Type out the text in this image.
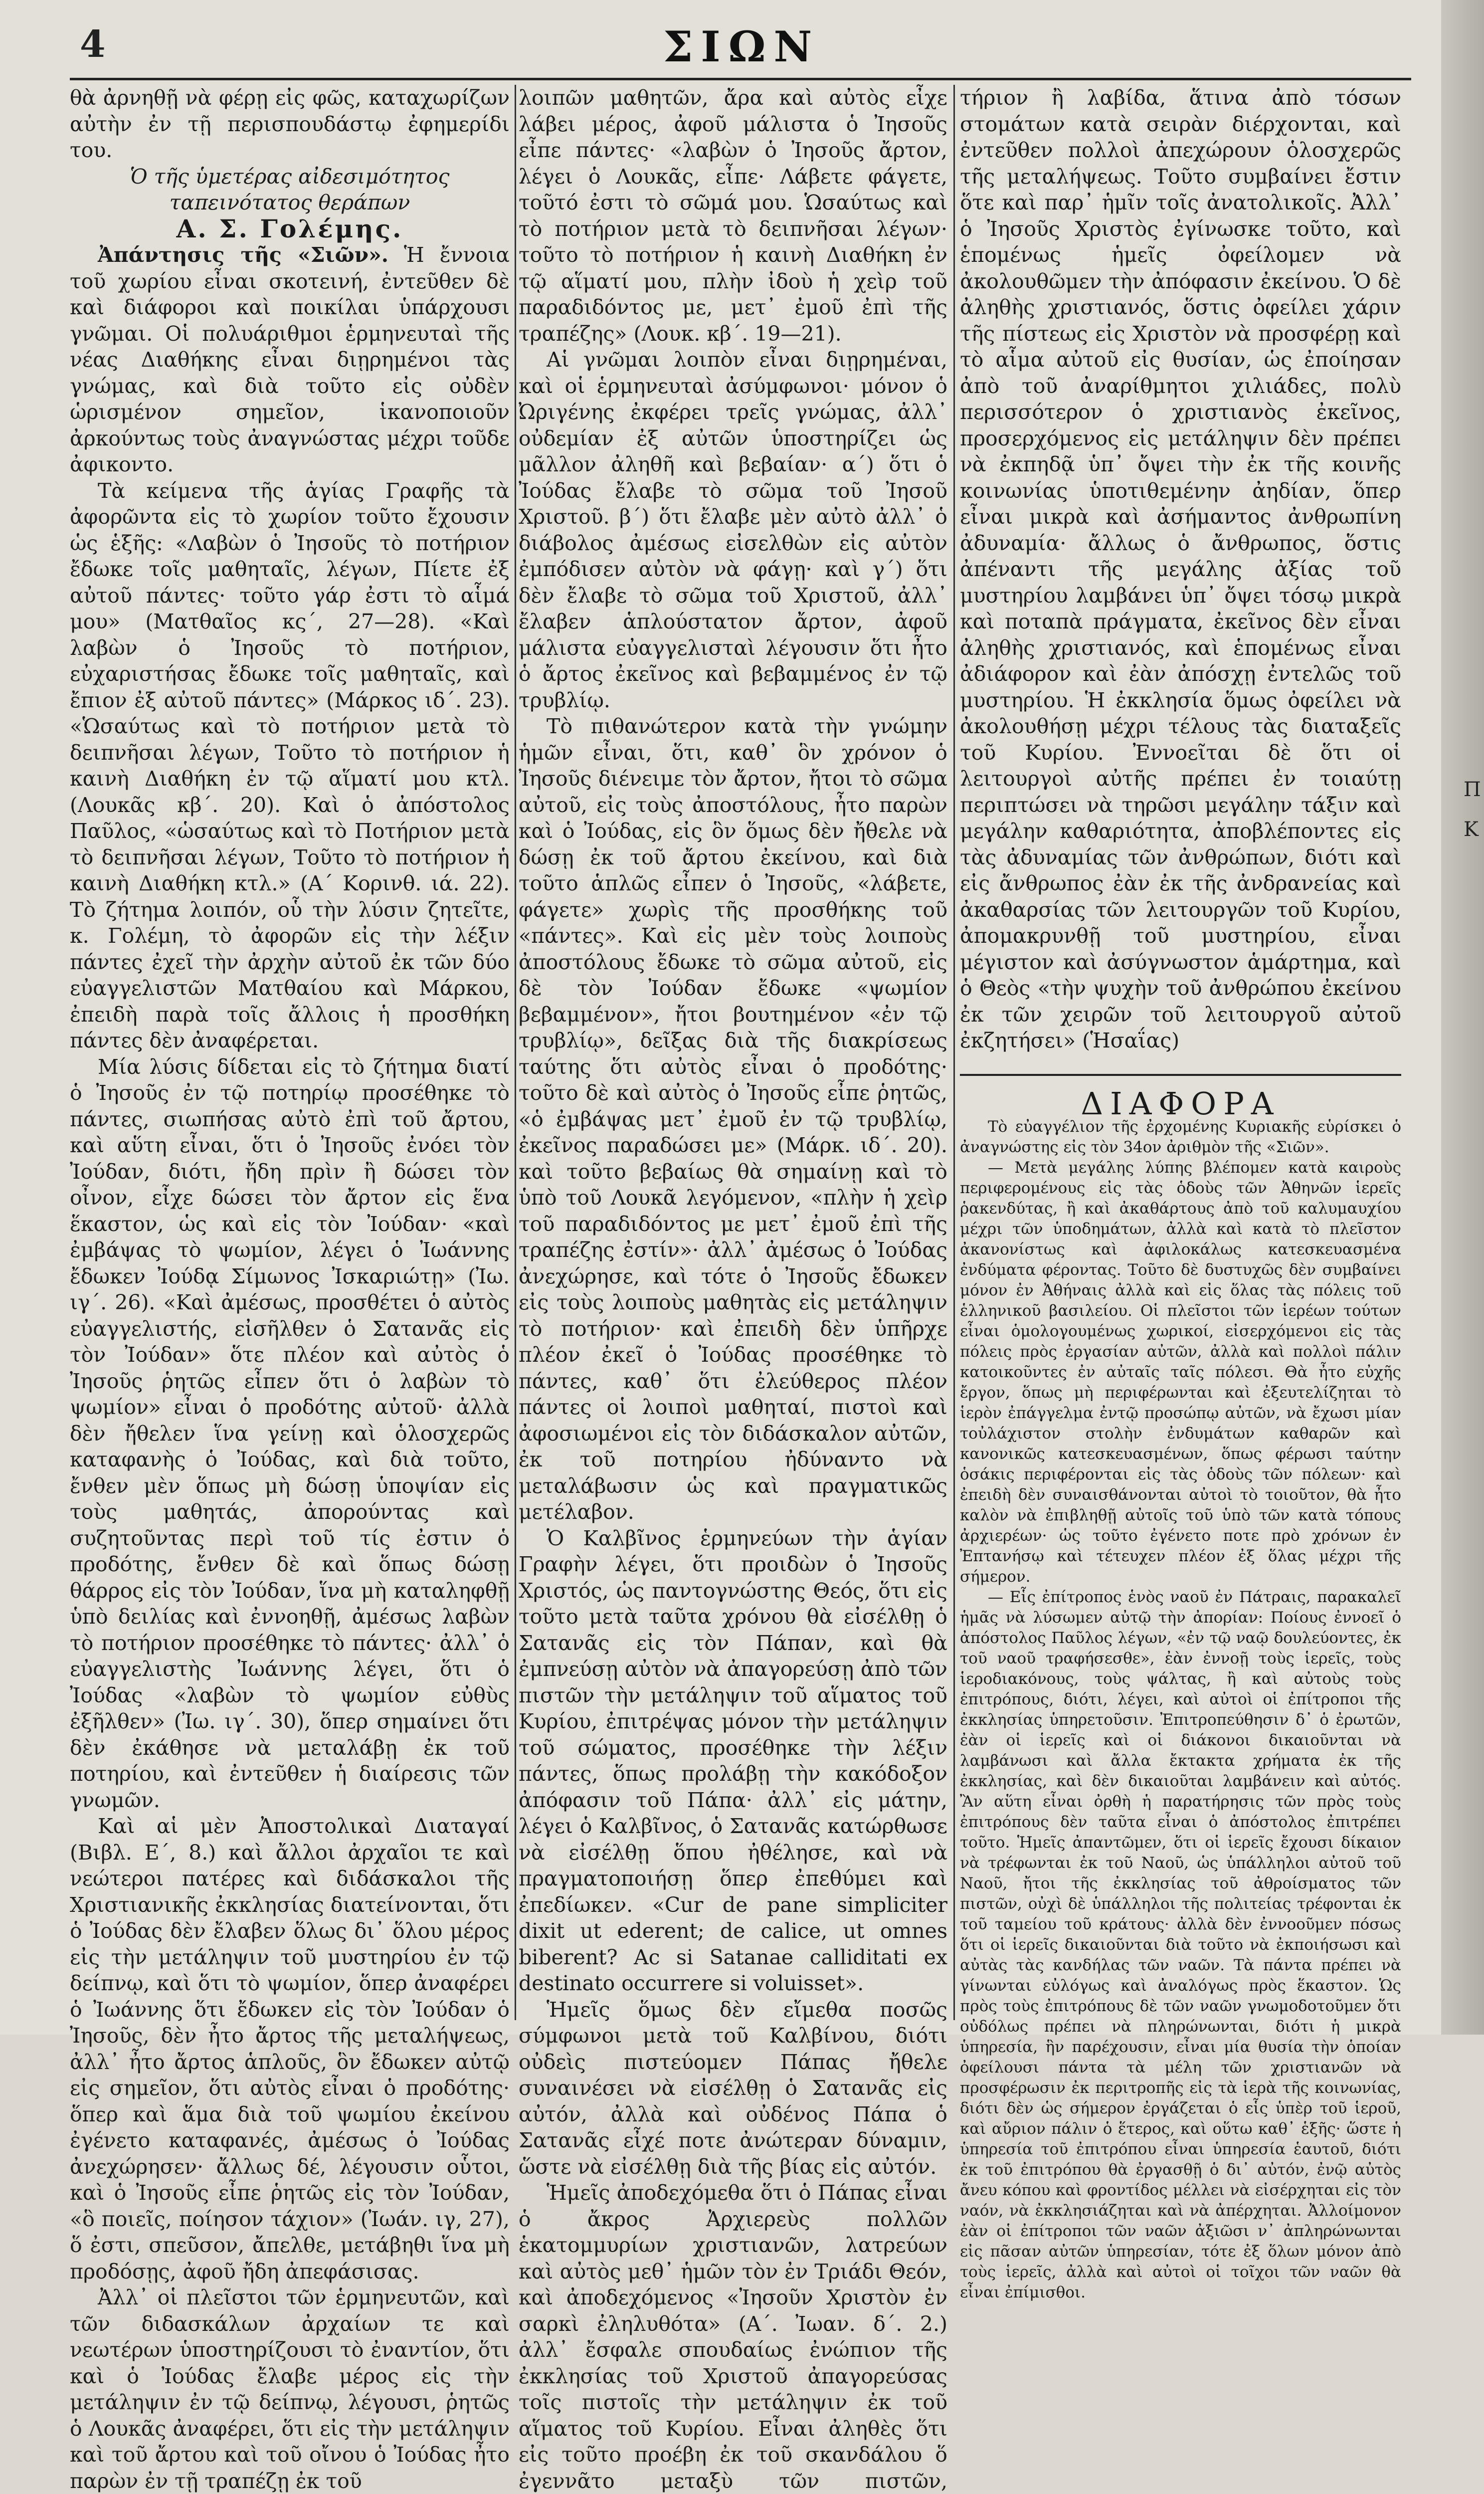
4	ΣΙΩΝ

θὰ ἀρνηθῇ νὰ φέρῃ εἰς φῶς, καταχωρίζων αὐτὴν ἐν τῇ περισπουδάστῳ ἐφημερίδι του.

Ὁ τῆς ὑμετέρας αἰδεσιμότητος

ταπεινότατος θεράπων

Α. Σ. Γολέμης.

Ἀπάντησις τῆς «Σιῶν». Ἡ ἔννοια τοῦ χωρίου εἶναι σκοτεινή, ἐντεῦθεν δὲ καὶ διάφοροι καὶ ποικίλαι ὑπάρχουσι γνῶμαι. Οἱ πολυάριθμοι ἑρμηνευταὶ τῆς νέας Διαθήκης εἶναι διῃρημένοι τὰς γνώμας, καὶ διὰ τοῦτο εἰς οὐδὲν ὡρισμένον σημεῖον, ἱκανοποιοῦν ἀρκούντως τοὺς ἀναγνώστας μέχρι τοῦδε ἀφικοντο.

Τὰ κείμενα τῆς ἁγίας Γραφῆς τὰ ἀφορῶντα εἰς τὸ χωρίον τοῦτο ἔχουσιν ὡς ἑξῆς: «Λαβὼν ὁ Ἰησοῦς τὸ ποτήριον ἔδωκε τοῖς μαθηταῖς, λέγων, Πίετε ἐξ αὐτοῦ πάντες· τοῦτο γάρ ἐστι τὸ αἷμά μου» (Ματθαῖος κς΄, 27—28). «Καὶ λαβὼν ὁ Ἰησοῦς τὸ ποτήριον, εὐχαριστήσας ἔδωκε τοῖς μαθηταῖς, καὶ ἔπιον ἐξ αὐτοῦ πάντες» (Μάρκος ιδ΄. 23). «Ὡσαύτως καὶ τὸ ποτήριον μετὰ τὸ δειπνῆσαι λέγων, Τοῦτο τὸ ποτήριον ἡ καινὴ Διαθήκη ἐν τῷ αἵματί μου κτλ. (Λουκᾶς κβ΄. 20). Καὶ ὁ ἀπόστολος Παῦλος, «ὡσαύτως καὶ τὸ Ποτήριον μετὰ τὸ δειπνῆσαι λέγων, Τοῦτο τὸ ποτήριον ἡ καινὴ Διαθήκη κτλ.» (Α΄ Κορινθ. ιά. 22). Τὸ ζήτημα λοιπόν, οὗ τὴν λύσιν ζητεῖτε, κ. Γολέμη, τὸ ἀφορῶν εἰς τὴν λέξιν πάντες ἐχεῖ τὴν ἀρχὴν αὐτοῦ ἐκ τῶν δύο εὐαγγελιστῶν Ματθαίου καὶ Μάρκου, ἐπειδὴ παρὰ τοῖς ἄλλοις ἡ προσθήκη πάντες δὲν ἀναφέρεται.

Μία λύσις δίδεται εἰς τὸ ζήτημα διατί ὁ Ἰησοῦς ἐν τῷ ποτηρίῳ προσέθηκε τὸ πάντες, σιωπήσας αὐτὸ ἐπὶ τοῦ ἄρτου, καὶ αὕτη εἶναι, ὅτι ὁ Ἰησοῦς ἐνόει τὸν Ἰούδαν, διότι, ἤδη πρὶν ἢ δώσει τὸν οἶνον, εἶχε δώσει τὸν ἄρτον εἰς ἕνα ἕκαστον, ὡς καὶ εἰς τὸν Ἰούδαν· «καὶ ἐμβάψας τὸ ψωμίον, λέγει ὁ Ἰωάννης ἔδωκεν Ἰούδᾳ Σίμωνος Ἰσκαριώτῃ» (Ἰω. ιγ΄. 26). «Καὶ ἀμέσως, προσθέτει ὁ αὐτὸς εὐαγγελιστής, εἰσῆλθεν ὁ Σατανᾶς εἰς τὸν Ἰούδαν» ὅτε πλέον καὶ αὐτὸς ὁ Ἰησοῦς ῥητῶς εἶπεν ὅτι ὁ λαβὼν τὸ ψωμίον» εἶναι ὁ προδότης αὐτοῦ· ἀλλὰ δὲν ἤθελεν ἵνα γείνῃ καὶ ὁλοσχερῶς καταφανὴς ὁ Ἰούδας, καὶ διὰ τοῦτο, ἔνθεν μὲν ὅπως μὴ δώσῃ ὑποψίαν εἰς τοὺς μαθητάς, ἀπορούντας καὶ συζητοῦντας περὶ τοῦ τίς ἐστιν ὁ προδότης, ἔνθεν δὲ καὶ ὅπως δώσῃ θάρρος εἰς τὸν Ἰούδαν, ἵνα μὴ καταληφθῇ ὑπὸ δειλίας καὶ ἐννοηθῇ, ἀμέσως λαβὼν τὸ ποτήριον προσέθηκε τὸ πάντες· ἀλλ᾽ ὁ εὐαγγελιστὴς Ἰωάννης λέγει, ὅτι ὁ Ἰούδας «λαβὼν τὸ ψωμίον εὐθὺς ἐξῆλθεν» (Ἰω. ιγ΄. 30), ὅπερ σημαίνει ὅτι δὲν ἐκάθησε νὰ μεταλάβῃ ἐκ τοῦ ποτηρίου, καὶ ἐντεῦθεν ἡ διαίρεσις τῶν γνωμῶν.

Καὶ αἱ μὲν Ἀποστολικαὶ Διαταγαί (Βιβλ. Ε΄, 8.) καὶ ἄλλοι ἀρχαῖοι τε καὶ νεώτεροι πατέρες καὶ διδάσκαλοι τῆς Χριστιανικῆς ἐκκλησίας διατείνονται, ὅτι ὁ Ἰούδας δὲν ἔλαβεν ὅλως δι᾽ ὅλου μέρος εἰς τὴν μετάληψιν τοῦ μυστηρίου ἐν τῷ δείπνῳ, καὶ ὅτι τὸ ψωμίον, ὅπερ ἀναφέρει ὁ Ἰωάννης ὅτι ἔδωκεν εἰς τὸν Ἰούδαν ὁ Ἰησοῦς, δὲν ἦτο ἄρτος τῆς μεταλήψεως, ἀλλ᾽ ἦτο ἄρτος ἁπλοῦς, ὃν ἔδωκεν αὐτῷ εἰς σημεῖον, ὅτι αὐτὸς εἶναι ὁ προδότης· ὅπερ καὶ ἅμα διὰ τοῦ ψωμίου ἐκείνου ἐγένετο καταφανές, ἀμέσως ὁ Ἰούδας ἀνεχώρησεν· ἄλλως δέ, λέγουσιν οὗτοι, καὶ ὁ Ἰησοῦς εἶπε ῥητῶς εἰς τὸν Ἰούδαν, «ὃ ποιεῖς, ποίησον τάχιον» (Ἰωάν. ιγ, 27), ὅ ἐστι, σπεῦσον, ἄπελθε, μετάβηθι ἵνα μὴ προδόσῃς, ἀφοῦ ἤδη ἀπεφάσισας.

Ἀλλ᾽ οἱ πλεῖστοι τῶν ἑρμηνευτῶν, καὶ τῶν διδασκάλων ἀρχαίων τε καὶ νεωτέρων ὑποστηρίζουσι τὸ ἐναντίον, ὅτι καὶ ὁ Ἰούδας ἔλαβε μέρος εἰς τὴν μετάληψιν ἐν τῷ δείπνῳ, λέγουσι, ῥητῶς ὁ Λουκᾶς ἀναφέρει, ὅτι εἰς τὴν μετάληψιν καὶ τοῦ ἄρτου καὶ τοῦ οἴνου ὁ Ἰούδας ἦτο παρὼν ἐν τῇ τραπέζῃ ἐκ τοῦ

λοιπῶν μαθητῶν, ἄρα καὶ αὐτὸς εἶχε λάβει μέρος, ἀφοῦ μάλιστα ὁ Ἰησοῦς εἶπε πάντες· «λαβὼν ὁ Ἰησοῦς ἄρτον, λέγει ὁ Λουκᾶς, εἶπε· Λάβετε φάγετε, τοῦτό ἐστι τὸ σῶμά μου. Ὡσαύτως καὶ τὸ ποτήριον μετὰ τὸ δειπνῆσαι λέγων· τοῦτο τὸ ποτήριον ἡ καινὴ Διαθήκη ἐν τῷ αἵματί μου, πλὴν ἰδοὺ ἡ χεὶρ τοῦ παραδιδόντος με, μετ᾽ ἐμοῦ ἐπὶ τῆς τραπέζης» (Λουκ. κβ΄. 19—21).

Αἱ γνῶμαι λοιπὸν εἶναι διῃρημέναι, καὶ οἱ ἑρμηνευταὶ ἀσύμφωνοι· μόνον ὁ Ὠριγένης ἐκφέρει τρεῖς γνώμας, ἀλλ᾽ οὐδεμίαν ἐξ αὐτῶν ὑποστηρίζει ὡς μᾶλλον ἀληθῆ καὶ βεβαίαν· α΄) ὅτι ὁ Ἰούδας ἔλαβε τὸ σῶμα τοῦ Ἰησοῦ Χριστοῦ. β΄) ὅτι ἔλαβε μὲν αὐτὸ ἀλλ᾽ ὁ διάβολος ἀμέσως εἰσελθὼν εἰς αὐτὸν ἐμπόδισεν αὐτὸν νὰ φάγῃ· καὶ γ΄) ὅτι δὲν ἔλαβε τὸ σῶμα τοῦ Χριστοῦ, ἀλλ᾽ ἔλαβεν ἁπλούστατον ἄρτον, ἀφοῦ μάλιστα εὐαγγελισταὶ λέγουσιν ὅτι ἦτο ὁ ἄρτος ἐκεῖνος καὶ βεβαμμένος ἐν τῷ τρυβλίῳ.

Τὸ πιθανώτερον κατὰ τὴν γνώμην ἡμῶν εἶναι, ὅτι, καθ᾽ ὃν χρόνον ὁ Ἰησοῦς διένειμε τὸν ἄρτον, ἤτοι τὸ σῶμα αὐτοῦ, εἰς τοὺς ἀποστόλους, ἦτο παρὼν καὶ ὁ Ἰούδας, εἰς ὃν ὅμως δὲν ἤθελε νὰ δώσῃ ἐκ τοῦ ἄρτου ἐκείνου, καὶ διὰ τοῦτο ἁπλῶς εἶπεν ὁ Ἰησοῦς, «λάβετε, φάγετε» χωρὶς τῆς προσθήκης τοῦ «πάντες». Καὶ εἰς μὲν τοὺς λοιποὺς ἀποστόλους ἔδωκε τὸ σῶμα αὐτοῦ, εἰς δὲ τὸν Ἰούδαν ἔδωκε «ψωμίον βεβαμμένον», ἤτοι βουτημένον «ἐν τῷ τρυβλίῳ», δεῖξας διὰ τῆς διακρίσεως ταύτης ὅτι αὐτὸς εἶναι ὁ προδότης· τοῦτο δὲ καὶ αὐτὸς ὁ Ἰησοῦς εἶπε ῥητῶς, «ὁ ἐμβάψας μετ᾽ ἐμοῦ ἐν τῷ τρυβλίῳ, ἐκεῖνος παραδώσει με» (Μάρκ. ιδ΄. 20). καὶ τοῦτο βεβαίως θὰ σημαίνῃ καὶ τὸ ὑπὸ τοῦ Λουκᾶ λεγόμενον, «πλὴν ἡ χεὶρ τοῦ παραδιδόντος με μετ᾽ ἐμοῦ ἐπὶ τῆς τραπέζης ἐστίν»· ἀλλ᾽ ἀμέσως ὁ Ἰούδας ἀνεχώρησε, καὶ τότε ὁ Ἰησοῦς ἔδωκεν εἰς τοὺς λοιποὺς μαθητὰς εἰς μετάληψιν τὸ ποτήριον· καὶ ἐπειδὴ δὲν ὑπῆρχε πλέον ἐκεῖ ὁ Ἰούδας προσέθηκε τὸ πάντες, καθ᾽ ὅτι ἐλεύθερος πλέον πάντες οἱ λοιποὶ μαθηταί, πιστοὶ καὶ ἀφοσιωμένοι εἰς τὸν διδάσκαλον αὐτῶν, ἐκ τοῦ ποτηρίου ἠδύναντο νὰ μεταλάβωσιν ὡς καὶ πραγματικῶς μετέλαβον.

Ὁ Καλβῖνος ἑρμηνεύων τὴν ἁγίαν Γραφὴν λέγει, ὅτι προιδὼν ὁ Ἰησοῦς Χριστός, ὡς παντογνώστης Θεός, ὅτι εἰς τοῦτο μετὰ ταῦτα χρόνου θὰ εἰσέλθῃ ὁ Σατανᾶς εἰς τὸν Πάπαν, καὶ θὰ ἐμπνεύσῃ αὐτὸν νὰ ἀπαγορεύσῃ ἀπὸ τῶν πιστῶν τὴν μετάληψιν τοῦ αἵματος τοῦ Κυρίου, ἐπιτρέψας μόνον τὴν μετάληψιν τοῦ σώματος, προσέθηκε τὴν λέξιν πάντες, ὅπως προλάβῃ τὴν κακόδοξον ἀπόφασιν τοῦ Πάπα· ἀλλ᾽ εἰς μάτην, λέγει ὁ Καλβῖνος, ὁ Σατανᾶς κατώρθωσε νὰ εἰσέλθῃ ὅπου ἠθέλησε, καὶ νὰ πραγματοποιήσῃ ὅπερ ἐπεθύμει καὶ ἐπεδίωκεν. «Cur de pane simpliciter dixit ut ederent; de calice, ut omnes biberent? Ac si Satanae calliditati ex destinato occurrere si voluisset».

Ἡμεῖς ὅμως δὲν εἴμεθα ποσῶς σύμφωνοι μετὰ τοῦ Καλβίνου, διότι οὐδεὶς πιστεύομεν Πάπας ἤθελε συναινέσει νὰ εἰσέλθῃ ὁ Σατανᾶς εἰς αὐτόν, ἀλλὰ καὶ οὐδένος Πάπα ὁ Σατανᾶς εἶχέ ποτε ἀνώτεραν δύναμιν, ὥστε νὰ εἰσέλθῃ διὰ τῆς βίας εἰς αὐτόν.

Ἡμεῖς ἀποδεχόμεθα ὅτι ὁ Πάπας εἶναι ὁ ἄκρος Ἀρχιερεὺς πολλῶν ἑκατομμυρίων χριστιανῶν, λατρεύων καὶ αὐτὸς μεθ᾽ ἡμῶν τὸν ἐν Τριάδι Θεόν, καὶ ἀποδεχόμενος «Ἰησοῦν Χριστὸν ἐν σαρκὶ ἐληλυθότα» (Α΄. Ἰωαν. δ΄. 2.) ἀλλ᾽ ἔσφαλε σπουδαίως ἐνώπιον τῆς ἐκκλησίας τοῦ Χριστοῦ ἀπαγορεύσας τοῖς πιστοῖς τὴν μετάληψιν ἐκ τοῦ αἵματος τοῦ Κυρίου. Εἶναι ἀληθὲς ὅτι εἰς τοῦτο προέβη ἐκ τοῦ σκανδάλου ὅ ἐγεννᾶτο μεταξὺ τῶν πιστῶν,

τήριον ἢ λαβίδα, ἅτινα ἀπὸ τόσων στομάτων κατὰ σειρὰν διέρχονται, καὶ ἐντεῦθεν πολλοὶ ἀπεχώρουν ὁλοσχερῶς τῆς μεταλήψεως. Τοῦτο συμβαίνει ἔστιν ὅτε καὶ παρ᾽ ἡμῖν τοῖς ἀνατολικοῖς. Ἀλλ᾽ ὁ Ἰησοῦς Χριστὸς ἐγίνωσκε τοῦτο, καὶ ἑπομένως ἡμεῖς ὀφείλομεν νὰ ἀκολουθῶμεν τὴν ἀπόφασιν ἐκείνου. Ὁ δὲ ἀληθὴς χριστιανός, ὅστις ὀφείλει χάριν τῆς πίστεως εἰς Χριστὸν νὰ προσφέρῃ καὶ τὸ αἷμα αὐτοῦ εἰς θυσίαν, ὡς ἐποίησαν ἀπὸ τοῦ ἀναρίθμητοι χιλιάδες, πολὺ περισσότερον ὁ χριστιανὸς ἐκεῖνος, προσερχόμενος εἰς μετάληψιν δὲν πρέπει νὰ ἐκπηδᾷ ὑπ᾽ ὄψει τὴν ἐκ τῆς κοινῆς κοινωνίας ὑποτιθεμένην ἀηδίαν, ὅπερ εἶναι μικρὰ καὶ ἀσήμαντος ἀνθρωπίνη ἀδυναμία· ἄλλως ὁ ἄνθρωπος, ὅστις ἀπέναντι τῆς μεγάλης ἀξίας τοῦ μυστηρίου λαμβάνει ὑπ᾽ ὄψει τόσῳ μικρὰ καὶ ποταπὰ πράγματα, ἐκεῖνος δὲν εἶναι ἀληθὴς χριστιανός, καὶ ἑπομένως εἶναι ἀδιάφορον καὶ ἐὰν ἀπόσχῃ ἐντελῶς τοῦ μυστηρίου. Ἡ ἐκκλησία ὅμως ὀφείλει νὰ ἀκολουθήσῃ μέχρι τέλους τὰς διαταξεῖς τοῦ Κυρίου. Ἐννοεῖται δὲ ὅτι οἱ λειτουργοὶ αὐτῆς πρέπει ἐν τοιαύτῃ περιπτώσει νὰ τηρῶσι μεγάλην τάξιν καὶ μεγάλην καθαριότητα, ἀποβλέποντες εἰς τὰς ἀδυναμίας τῶν ἀνθρώπων, διότι καὶ εἰς ἄνθρωπος ἐὰν ἐκ τῆς ἀνδρανείας καὶ ἀκαθαρσίας τῶν λειτουργῶν τοῦ Κυρίου, ἀπομακρυνθῇ τοῦ μυστηρίου, εἶναι μέγιστον καὶ ἀσύγνωστον ἁμάρτημα, καὶ ὁ Θεὸς «τὴν ψυχὴν τοῦ ἀνθρώπου ἐκείνου ἐκ τῶν χειρῶν τοῦ λειτουργοῦ αὐτοῦ ἐκζητήσει» (Ἡσαΐας)

ΔΙΑΦΟΡΑ

Τὸ εὐαγγέλιον τῆς ἐρχομένης Κυριακῆς εὑρίσκει ὁ ἀναγνώστης εἰς τὸν 34ον ἀριθμὸν τῆς «Σιῶν».

— Μετὰ μεγάλης λύπης βλέπομεν κατὰ καιροὺς περιφερομένους εἰς τὰς ὁδοὺς τῶν Ἀθηνῶν ἱερεῖς ῥακενδύτας, ἢ καὶ ἀκαθάρτους ἀπὸ τοῦ καλυμαυχίου μέχρι τῶν ὑποδημάτων, ἀλλὰ καὶ κατὰ τὸ πλεῖστον ἀκανονίστως καὶ ἀφιλοκάλως κατεσκευασμένα ἐνδύματα φέροντας. Τοῦτο δὲ δυστυχῶς δὲν συμβαίνει μόνον ἐν Ἀθήναις ἀλλὰ καὶ εἰς ὅλας τὰς πόλεις τοῦ ἑλληνικοῦ βασιλείου. Οἱ πλεῖστοι τῶν ἱερέων τούτων εἶναι ὁμολογουμένως χωρικοί, εἰσερχόμενοι εἰς τὰς πόλεις πρὸς ἐργασίαν αὐτῶν, ἀλλὰ καὶ πολλοὶ πάλιν κατοικοῦντες ἐν αὐταῖς ταῖς πόλεσι. Θὰ ἦτο εὐχῆς ἔργον, ὅπως μὴ περιφέρωνται καὶ ἐξευτελίζηται τὸ ἱερὸν ἐπάγγελμα ἐντῷ προσώπῳ αὐτῶν, νὰ ἔχωσι μίαν τοὐλάχιστον στολὴν ἐνδυμάτων καθαρῶν καὶ κανονικῶς κατεσκευασμένων, ὅπως φέρωσι ταύτην ὁσάκις περιφέρονται εἰς τὰς ὁδοὺς τῶν πόλεων· καὶ ἐπειδὴ δὲν συναισθάνονται αὐτοὶ τὸ τοιοῦτον, θὰ ἦτο καλὸν νὰ ἐπιβληθῇ αὐτοῖς τοῦ ὑπὸ τῶν κατὰ τόπους ἀρχιερέων· ὡς τοῦτο ἐγένετο ποτε πρὸ χρόνων ἐν Ἐπτανήσῳ καὶ τέτευχεν πλέον ἐξ ὅλας μέχρι τῆς σήμερον.

— Εἷς ἐπίτροπος ἑνὸς ναοῦ ἐν Πάτραις, παρακαλεῖ ἡμᾶς νὰ λύσωμεν αὐτῷ τὴν ἀπορίαν: Ποίους ἐννοεῖ ὁ ἀπόστολος Παῦλος λέγων, «ἐν τῷ ναῷ δουλεύοντες, ἐκ τοῦ ναοῦ τραφήσεσθε», ἐὰν ἐννοῇ τοὺς ἱερεῖς, τοὺς ἱεροδιακόνους, τοὺς ψάλτας, ἢ καὶ αὐτοὺς τοὺς ἐπιτρόπους, διότι, λέγει, καὶ αὐτοὶ οἱ ἐπίτροποι τῆς ἐκκλησίας ὑπηρετοῦσιν. Ἐπιτροπεύθησιν δ᾽ ὁ ἐρωτῶν, ἐὰν οἱ ἱερεῖς καὶ οἱ διάκονοι δικαιοῦνται νὰ λαμβάνωσι καὶ ἄλλα ἔκτακτα χρήματα ἐκ τῆς ἐκκλησίας, καὶ δὲν δικαιοῦται λαμβάνειν καὶ αὐτός. Ἂν αὕτη εἶναι ὀρθὴ ἡ παρατήρησις τῶν πρὸς τοὺς ἐπιτρόπους δὲν ταῦτα εἶναι ὁ ἀπόστολος ἐπιτρέπει τοῦτο. Ἡμεῖς ἀπαντῶμεν, ὅτι οἱ ἱερεῖς ἔχουσι δίκαιον νὰ τρέφωνται ἐκ τοῦ Ναοῦ, ὡς ὑπάλληλοι αὐτοῦ τοῦ Ναοῦ, ἤτοι τῆς ἐκκλησίας τοῦ ἀθροίσματος τῶν πιστῶν, οὐχὶ δὲ ὑπάλληλοι τῆς πολιτείας τρέφονται ἐκ τοῦ ταμείου τοῦ κράτους· ἀλλὰ δὲν ἐννοοῦμεν πόσως ὅτι οἱ ἱερεῖς δικαιοῦνται διὰ τοῦτο νὰ ἐκποιήσωσι καὶ αὐτὰς τὰς κανδήλας τῶν ναῶν. Τὰ πάντα πρέπει νὰ γίνωνται εὐλόγως καὶ ἀναλόγως πρὸς ἕκαστον. Ὡς πρὸς τοὺς ἐπιτρόπους δὲ τῶν ναῶν γνωμοδοτοῦμεν ὅτι οὐδόλως πρέπει νὰ πληρώνωνται, διότι ἡ μικρὰ ὑπηρεσία, ἣν παρέχουσιν, εἶναι μία θυσία τὴν ὁποίαν ὀφείλουσι πάντα τὰ μέλη τῶν χριστιανῶν νὰ προσφέρωσιν ἐκ περιτροπῆς εἰς τὰ ἱερὰ τῆς κοινωνίας, διότι δὲν ὡς σήμερον ἐργάζεται ὁ εἷς ὑπὲρ τοῦ ἱεροῦ, καὶ αὔριον πάλιν ὁ ἕτερος, καὶ οὕτω καθ᾽ ἑξῆς· ὥστε ἡ ὑπηρεσία τοῦ ἐπιτρόπου εἶναι ὑπηρεσία ἑαυτοῦ, διότι ἐκ τοῦ ἐπιτρόπου θὰ ἐργασθῇ ὁ δι᾽ αὐτόν, ἐνῷ αὐτὸς ἄνευ κόπου καὶ φροντίδος μέλλει νὰ εἰσέρχηται εἰς τὸν ναόν, νὰ ἐκκλησιάζηται καὶ νὰ ἀπέρχηται. Ἀλλοίμονον ἐὰν οἱ ἐπίτροποι τῶν ναῶν ἀξιῶσι ν᾽ ἀπληρώνωνται εἰς πᾶσαν αὐτῶν ὑπηρεσίαν, τότε ἐξ ὅλων μόνον ἀπὸ τοὺς ἱερεῖς, ἀλλὰ καὶ αὐτοὶ οἱ τοῖχοι τῶν ναῶν θὰ εἶναι ἐπίμισθοι.

Π
Κ
